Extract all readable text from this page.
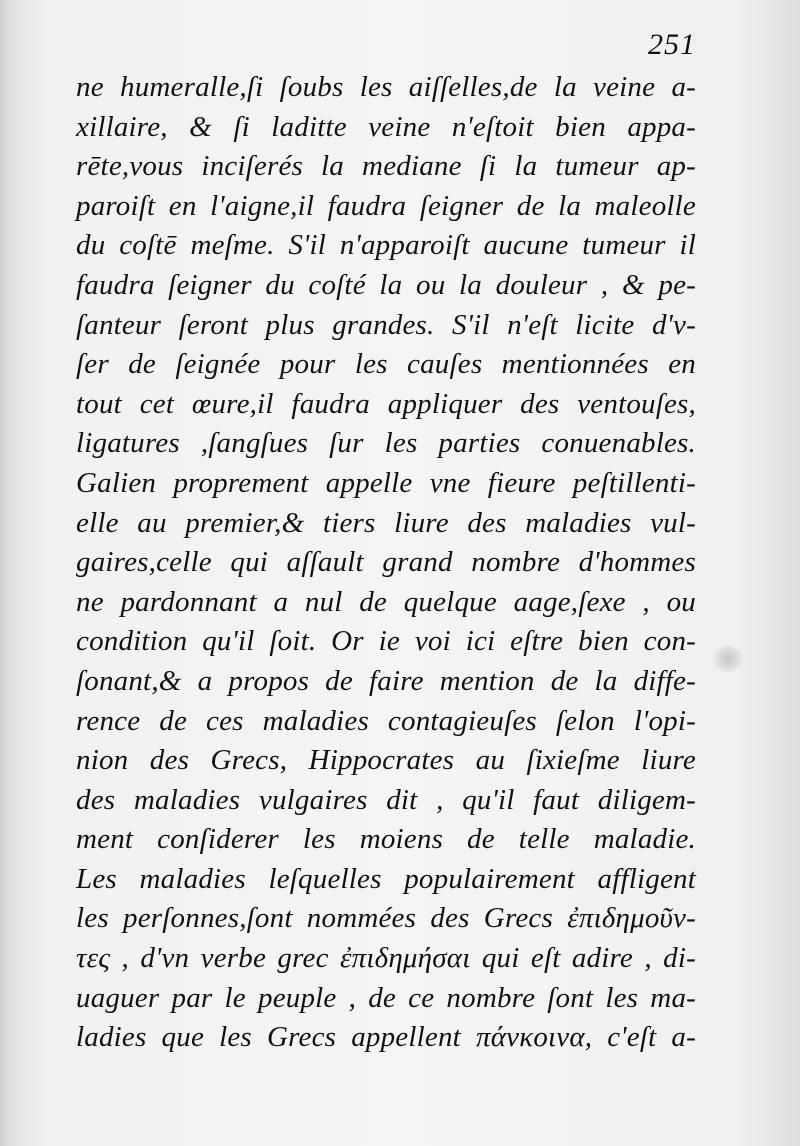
251
ne humeralle,ſi ſoubs les aiſſelles,de la veine a-
xillaire, & ſi laditte veine n'eſtoit bien appa-
rēte,vous inciſerés la mediane ſi la tumeur ap-
paroiſt en l'aigne,il faudra ſeigner de la maleolle
du coſtē meſme. S'il n'apparoiſt aucune tumeur il
faudra ſeigner du coſté la ou la douleur , & pe-
ſanteur ſeront plus grandes. S'il n'eſt licite d'v-
ſer de ſeignée pour les cauſes mentionnées en
tout cet œure,il faudra appliquer des ventouſes,
ligatures ,ſangſues ſur les parties conuenables.
Galien proprement appelle vne fieure peſtillenti-
elle au premier,& tiers liure des maladies vul-
gaires,celle qui aſſault grand nombre d'hommes
ne pardonnant a nul de quelque aage,ſexe , ou
condition qu'il ſoit. Or ie voi ici eſtre bien con-
ſonant,& a propos de faire mention de la diffe-
rence de ces maladies contagieuſes ſelon l'opi-
nion des Grecs, Hippocrates au ſixieſme liure
des maladies vulgaires dit , qu'il faut diligem-
ment conſiderer les moiens de telle maladie.
Les maladies leſquelles populairement affligent
les perſonnes,ſont nommées des Grecs ἐπιδημοῦν-
τες , d'vn verbe grec ἐπιδημήσαι qui eſt adire , di-
uaguer par le peuple , de ce nombre ſont les ma-
ladies que les Grecs appellent πάνκοινα, c'eſt a-
